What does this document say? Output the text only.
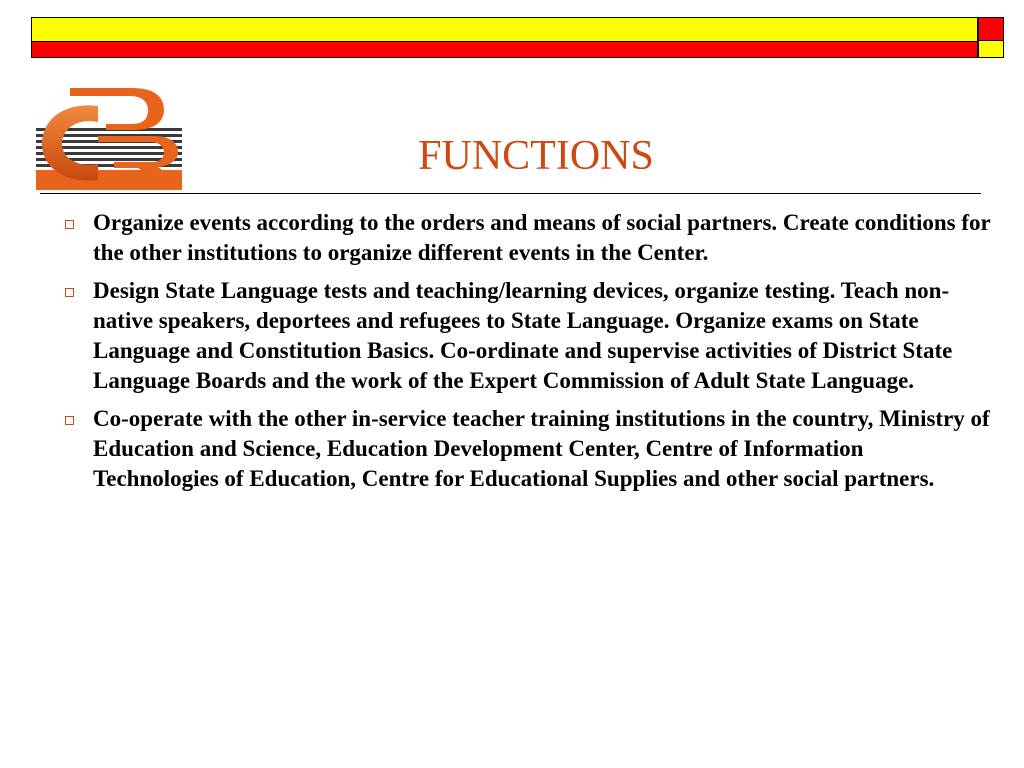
FUNCTIONS
Organize events according to the orders and means of social partners. Create conditions for the other institutions to organize different events in the Center.
Design State Language tests and teaching/learning devices, organize testing. Teach non-native speakers, deportees and refugees to State Language. Organize exams on State Language and Constitution Basics. Co-ordinate and supervise activities of District State Language Boards and the work of the Expert Commission of Adult State Language.
Co-operate with the other in-service teacher training institutions in the country, Ministry of Education and Science, Education Development Center, Centre of Information Technologies of Education, Centre for Educational Supplies and other social partners.
